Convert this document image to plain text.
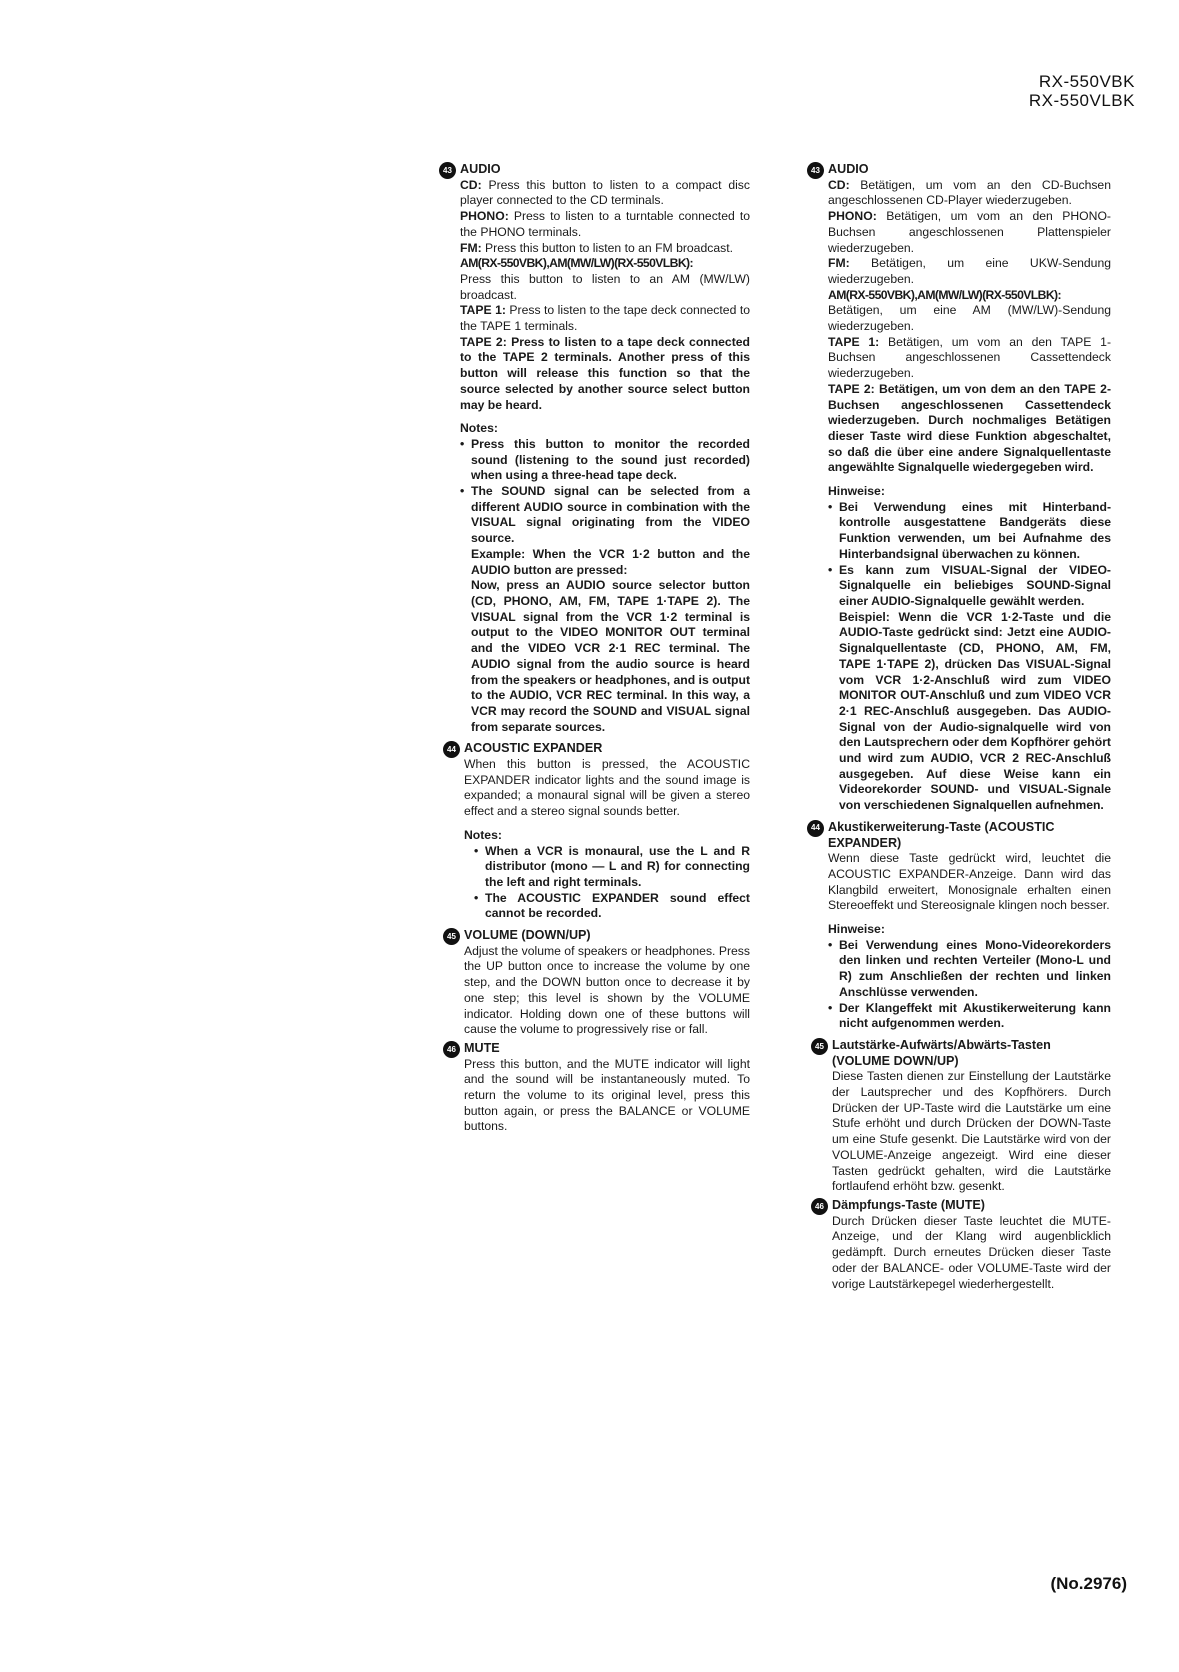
RX-550VBK
RX-550VLBK
43 AUDIO

CD: Press this button to listen to a compact disc player connected to the CD terminals.

PHONO: Press to listen to a turntable connected to the PHONO terminals.

FM: Press this button to listen to an FM broadcast.

AM(RX-550VBK),AM(MW/LW)(RX-550VLBK):
Press this button to listen to an AM (MW/LW) broadcast.

TAPE 1: Press to listen to the tape deck connected to the TAPE 1 terminals.

TAPE 2: Press to listen to a tape deck connected to the TAPE 2 terminals. Another press of this button will release this function so that the source selected by another source select button may be heard.

Notes:
• Press this button to monitor the recorded sound (listening to the sound just recorded) when using a three-head tape deck.
• The SOUND signal can be selected from a different AUDIO source in combination with the VISUAL signal originating from the VIDEO source.
Example: When the VCR 1·2 button and the AUDIO button are pressed:
Now, press an AUDIO source selector button (CD, PHONO, AM, FM, TAPE 1·TAPE 2). The VISUAL signal from the VCR 1·2 terminal is output to the VIDEO MONITOR OUT terminal and the VIDEO VCR 2·1 REC terminal. The AUDIO signal from the audio source is heard from the speakers or headphones, and is output to the AUDIO, VCR REC terminal. In this way, a VCR may record the SOUND and VISUAL signal from separate sources.
44 ACOUSTIC EXPANDER

When this button is pressed, the ACOUSTIC EXPANDER indicator lights and the sound image is expanded; a monaural signal will be given a stereo effect and a stereo signal sounds better.

Notes:
• When a VCR is monaural, use the L and R distributor (mono — L and R) for connecting the left and right terminals.
• The ACOUSTIC EXPANDER sound effect cannot be recorded.
45 VOLUME (DOWN/UP)

Adjust the volume of speakers or headphones. Press the UP button once to increase the volume by one step, and the DOWN button once to decrease it by one step; this level is shown by the VOLUME indicator. Holding down one of these buttons will cause the volume to progressively rise or fall.

46 MUTE

Press this button, and the MUTE indicator will light and the sound will be instantaneously muted. To return the volume to its original level, press this button again, or press the BALANCE or VOLUME buttons.

43 AUDIO

CD: Betätigen, um vom an den CD-Buchsen angeschlossenen CD-Player wiederzugeben.

PHONO: Betätigen, um vom an den PHONO-Buchsen angeschlossenen Plattenspieler wiederzugeben.

FM: Betätigen, um eine UKW-Sendung wiederzugeben.

AM(RX-550VBK),AM(MW/LW)(RX-550VLBK):
Betätigen, um eine AM (MW/LW)-Sendung wiederzugeben.

TAPE 1: Betätigen, um vom an den TAPE 1-Buchsen angeschlossenen Cassettendeck wiederzugeben.

TAPE 2: Betätigen, um von dem an den TAPE 2-Buchsen angeschlossenen Cassettendeck wiederzugeben. Durch nochmaliges Betätigen dieser Taste wird diese Funktion abgeschaltet, so daß die über eine andere Signalquellentaste angewählte Signalquelle wiedergegeben wird.

Hinweise:
• Bei Verwendung eines mit Hinterband-kontrolle ausgestattene Bandgeräts diese Funktion verwenden, um bei Aufnahme des Hinterbandsignal überwachen zu können.
• Es kann zum VISUAL-Signal der VIDEO-Signalquelle ein beliebiges SOUND-Signal einer AUDIO-Signalquelle gewählt werden.
Beispiel: Wenn die VCR 1·2-Taste und die AUDIO-Taste gedrückt sind: Jetzt eine AUDIO-Signalquellentaste (CD, PHONO, AM, FM, TAPE 1·TAPE 2), drücken Das VISUAL-Signal vom VCR 1·2-Anschluß wird zum VIDEO MONITOR OUT-Anschluß und zum VIDEO VCR 2·1 REC-Anschluß ausgegeben. Das AUDIO-Signal von der Audio-signalquelle wird von den Lautsprechern oder dem Kopfhörer gehört und wird zum AUDIO, VCR 2 REC-Anschluß ausgegeben. Auf diese Weise kann ein Videorekorder SOUND- und VISUAL-Signale von verschiedenen Signalquellen aufnehmen.
44 Akustikerweiterung-Taste (ACOUSTIC EXPANDER)

Wenn diese Taste gedrückt wird, leuchtet die ACOUSTIC EXPANDER-Anzeige. Dann wird das Klangbild erweitert, Monosignale erhalten einen Stereoeffekt und Stereosignale klingen noch besser.

Hinweise:
• Bei Verwendung eines Mono-Videorekorders den linken und rechten Verteiler (Mono-L und R) zum Anschließen der rechten und linken Anschlüsse verwenden.
• Der Klangeffekt mit Akustikerweiterung kann nicht aufgenommen werden.
45 Lautstärke-Aufwärts/Abwärts-Tasten (VOLUME DOWN/UP)

Diese Tasten dienen zur Einstellung der Lautstärke der Lautsprecher und des Kopfhörers. Durch Drücken der UP-Taste wird die Lautstärke um eine Stufe erhöht und durch Drücken der DOWN-Taste um eine Stufe gesenkt. Die Lautstärke wird von der VOLUME-Anzeige angezeigt. Wird eine dieser Tasten gedrückt gehalten, wird die Lautstärke fortlaufend erhöht bzw. gesenkt.

46 Dämpfungs-Taste (MUTE)

Durch Drücken dieser Taste leuchtet die MUTE-Anzeige, und der Klang wird augenblicklich gedämpft. Durch erneutes Drücken dieser Taste oder der BALANCE- oder VOLUME-Taste wird der vorige Lautstärkepegel wiederhergestellt.

(No.2976)
